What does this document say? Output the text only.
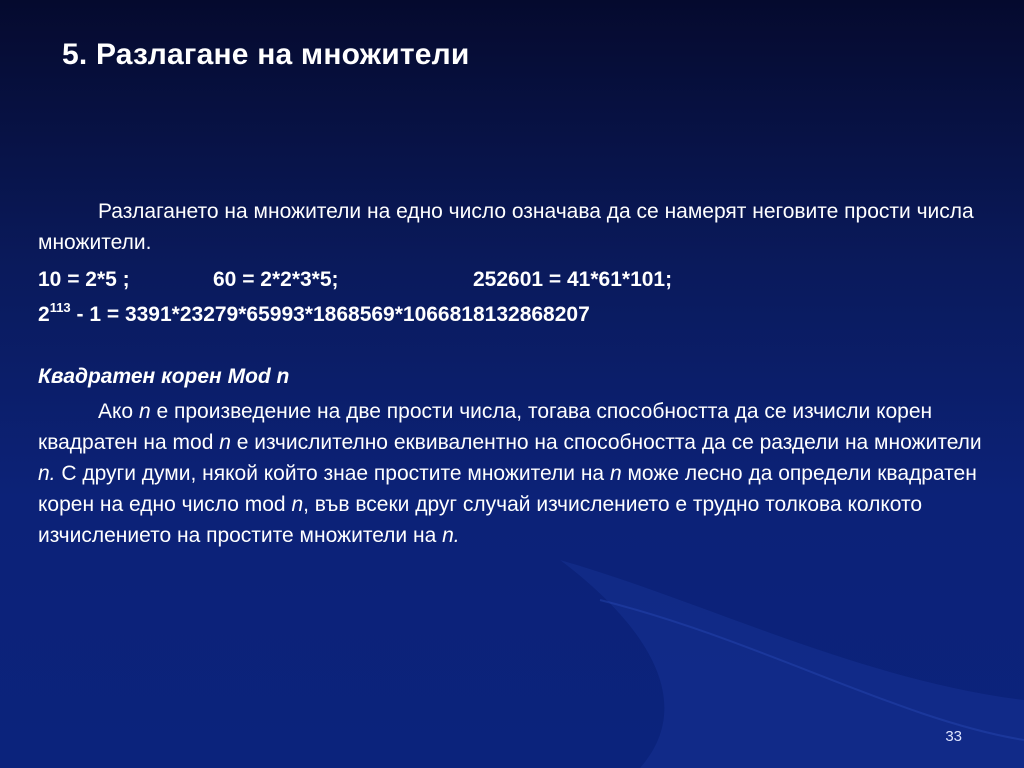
5. Разлагане на множители

Разлагането на множители на едно число означава да се намерят неговите прости числа множители.

10 = 2*5 ;	60 = 2*2*3*5;	252601 = 41*61*101;
$2^{113} - 1 = 3391*23279*65993*1868569*1066818132868207$
Квадратен корен Mod n

Ако n е произведение на две прости числа, тогава способността да се изчисли корен квадратен на mod n е изчислително еквивалентно на способността да се раздели на множители n. С други думи, някой който знае простите множители на n може лесно да определи квадратен корен на едно число mod n, във всеки друг случай изчислението е трудно толкова колкото изчислението на простите множители на n.

33
